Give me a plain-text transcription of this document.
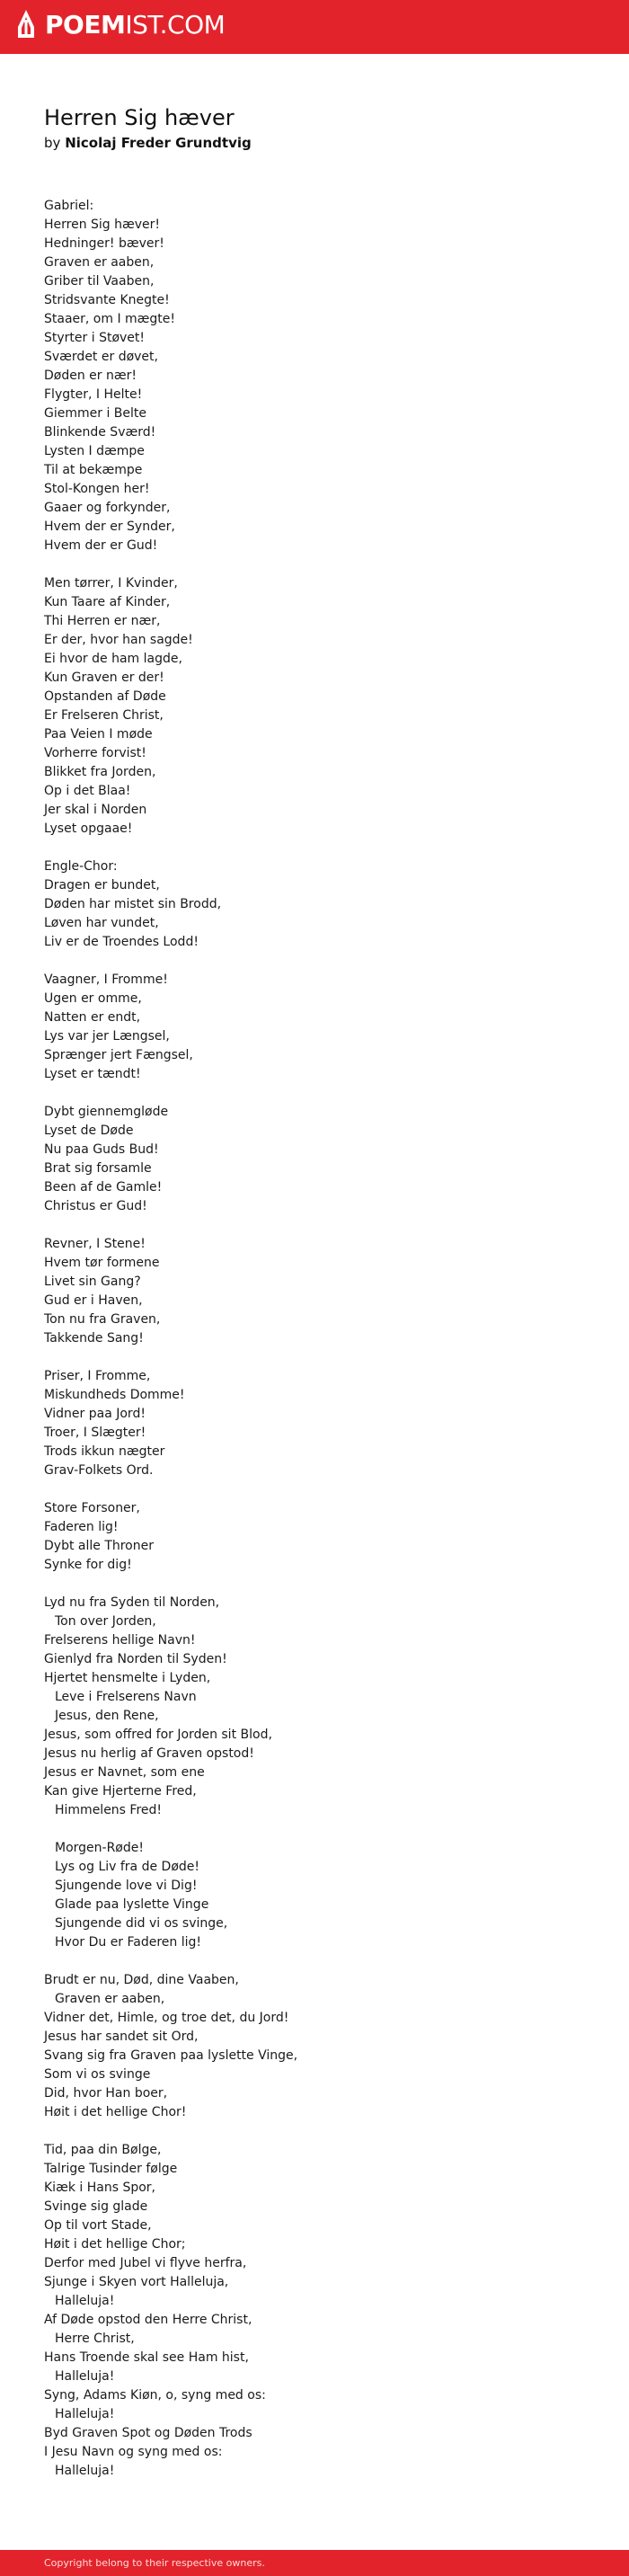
POEMIST.COM
Herren Sig hæver
by Nicolaj Freder Grundtvig
Gabriel:
Herren Sig hæver!
Hedninger! bæver!
Graven er aaben,
Griber til Vaaben,
Stridsvante Knegte!
Staaer, om I mægte!
Styrter i Støvet!
Sværdet er døvet,
Døden er nær!
Flygter, I Helte!
Giemmer i Belte
Blinkende Sværd!
Lysten I dæmpe
Til at bekæmpe
Stol-Kongen her!
Gaaer og forkynder,
Hvem der er Synder,
Hvem der er Gud!
Men tørrer, I Kvinder,
Kun Taare af Kinder,
Thi Herren er nær,
Er der, hvor han sagde!
Ei hvor de ham lagde,
Kun Graven er der!
Opstanden af Døde
Er Frelseren Christ,
Paa Veien I møde
Vorherre forvist!
Blikket fra Jorden,
Op i det Blaa!
Jer skal i Norden
Lyset opgaae!
Engle-Chor:
Dragen er bundet,
Døden har mistet sin Brodd,
Løven har vundet,
Liv er de Troendes Lodd!
Vaagner, I Fromme!
Ugen er omme,
Natten er endt,
Lys var jer Længsel,
Sprænger jert Fængsel,
Lyset er tændt!
Dybt giennemgløde
Lyset de Døde
Nu paa Guds Bud!
Brat sig forsamle
Been af de Gamle!
Christus er Gud!
Revner, I Stene!
Hvem tør formene
Livet sin Gang?
Gud er i Haven,
Ton nu fra Graven,
Takkende Sang!
Priser, I Fromme,
Miskundheds Domme!
Vidner paa Jord!
Troer, I Slægter!
Trods ikkun nægter
Grav-Folkets Ord.
Store Forsoner,
Faderen lig!
Dybt alle Throner
Synke for dig!
Lyd nu fra Syden til Norden,
Ton over Jorden,
Frelserens hellige Navn!
Gienlyd fra Norden til Syden!
Hjertet hensmelte i Lyden,
Leve i Frelserens Navn
Jesus, den Rene,
Jesus, som offred for Jorden sit Blod,
Jesus nu herlig af Graven opstod!
Jesus er Navnet, som ene
Kan give Hjerterne Fred,
Himmelens Fred!
Morgen-Røde!
Lys og Liv fra de Døde!
Sjungende love vi Dig!
Glade paa lyslette Vinge
Sjungende did vi os svinge,
Hvor Du er Faderen lig!
Brudt er nu, Død, dine Vaaben,
Graven er aaben,
Vidner det, Himle, og troe det, du Jord!
Jesus har sandet sit Ord,
Svang sig fra Graven paa lyslette Vinge,
Som vi os svinge
Did, hvor Han boer,
Høit i det hellige Chor!
Tid, paa din Bølge,
Talrige Tusinder følge
Kiæk i Hans Spor,
Svinge sig glade
Op til vort Stade,
Høit i det hellige Chor;
Derfor med Jubel vi flyve herfra,
Sjunge i Skyen vort Halleluja,
Halleluja!
Af Døde opstod den Herre Christ,
Herre Christ,
Hans Troende skal see Ham hist,
Halleluja!
Syng, Adams Kiøn, o, syng med os:
Halleluja!
Byd Graven Spot og Døden Trods
I Jesu Navn og syng med os:
Halleluja!
Copyright belong to their respective owners.
